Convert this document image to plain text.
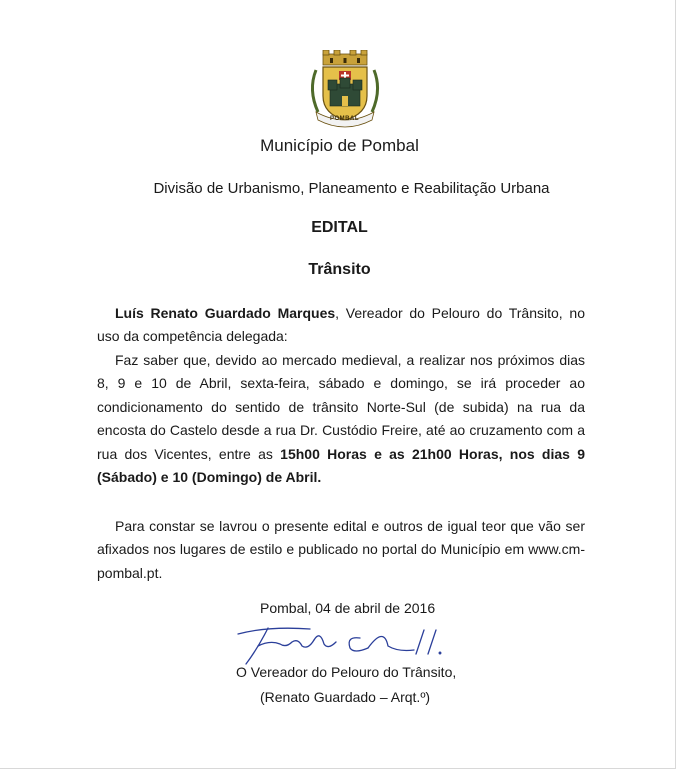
POMBAL
Município de Pombal
Divisão de Urbanismo, Planeamento e Reabilitação Urbana
EDITAL
Trânsito
Luís Renato Guardado Marques, Vereador do Pelouro do Trânsito, no uso da competência delegada:
Faz saber que, devido ao mercado medieval, a realizar nos próximos dias 8, 9 e 10 de Abril, sexta-feira, sábado e domingo, se irá proceder ao condicionamento do sentido de trânsito Norte-Sul (de subida) na rua da encosta do Castelo desde a rua Dr. Custódio Freire, até ao cruzamento com a rua dos Vicentes, entre as 15h00 Horas e as 21h00 Horas, nos dias 9 (Sábado) e 10 (Domingo) de Abril.
Para constar se lavrou o presente edital e outros de igual teor que vão ser afixados nos lugares de estilo e publicado no portal do Município em www.cm-pombal.pt.
Pombal, 04 de abril de 2016
O Vereador do Pelouro do Trânsito,
(Renato Guardado – Arqt.º)
